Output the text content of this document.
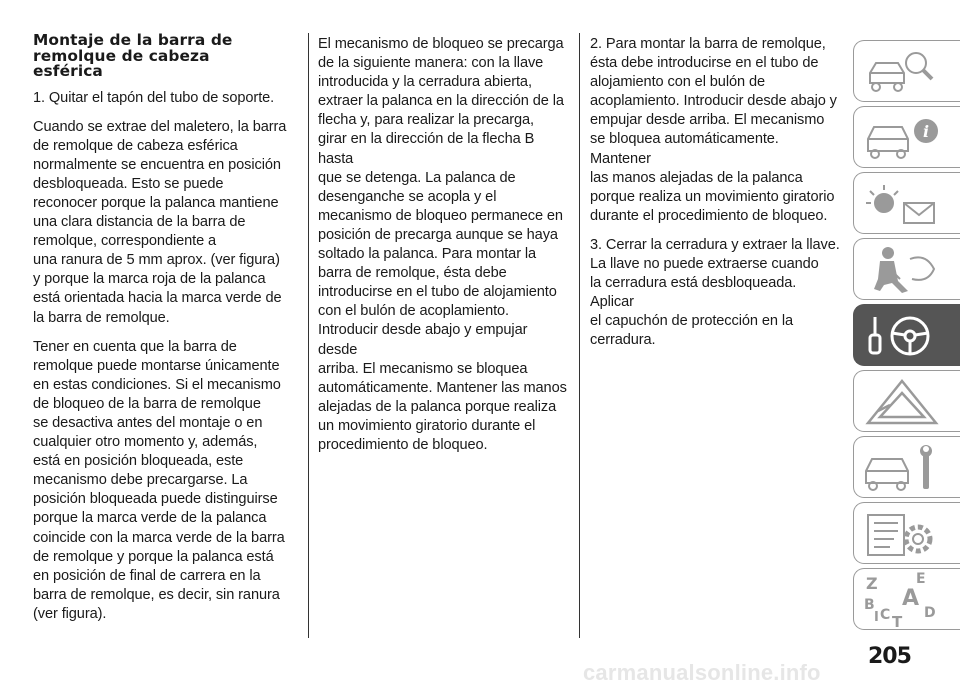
Montaje de la barra de
remolque de cabeza
esférica

1. Quitar el tapón del tubo de soporte.

Cuando se extrae del maletero, la barra
de remolque de cabeza esférica
normalmente se encuentra en posición
desbloqueada. Esto se puede
reconocer porque la palanca mantiene
una clara distancia de la barra de
remolque, correspondiente a
una ranura de 5 mm aprox. (ver figura)
y porque la marca roja de la palanca
está orientada hacia la marca verde de
la barra de remolque.

Tener en cuenta que la barra de
remolque puede montarse únicamente
en estas condiciones. Si el mecanismo
de bloqueo de la barra de remolque
se desactiva antes del montaje o en
cualquier otro momento y, además,
está en posición bloqueada, este
mecanismo debe precargarse. La
posición bloqueada puede distinguirse
porque la marca verde de la palanca
coincide con la marca verde de la barra
de remolque y porque la palanca está
en posición de final de carrera en la
barra de remolque, es decir, sin ranura
(ver figura).

El mecanismo de bloqueo se precarga
de la siguiente manera: con la llave
introducida y la cerradura abierta,
extraer la palanca en la dirección de la
flecha y, para realizar la precarga,
girar en la dirección de la flecha B hasta
que se detenga. La palanca de
desenganche se acopla y el
mecanismo de bloqueo permanece en
posición de precarga aunque se haya
soltado la palanca. Para montar la
barra de remolque, ésta debe
introducirse en el tubo de alojamiento
con el bulón de acoplamiento.
Introducir desde abajo y empujar desde
arriba. El mecanismo se bloquea
automáticamente. Mantener las manos
alejadas de la palanca porque realiza
un movimiento giratorio durante el
procedimiento de bloqueo.

2. Para montar la barra de remolque,
ésta debe introducirse en el tubo de
alojamiento con el bulón de
acoplamiento. Introducir desde abajo y
empujar desde arriba. El mecanismo
se bloquea automáticamente. Mantener
las manos alejadas de la palanca
porque realiza un movimiento giratorio
durante el procedimiento de bloqueo.

3. Cerrar la cerradura y extraer la llave.
La llave no puede extraerse cuando
la cerradura está desbloqueada. Aplicar
el capuchón de protección en la
cerradura.

i
Z	E
A
B
C D
I T
205
carmanualsonline.info
